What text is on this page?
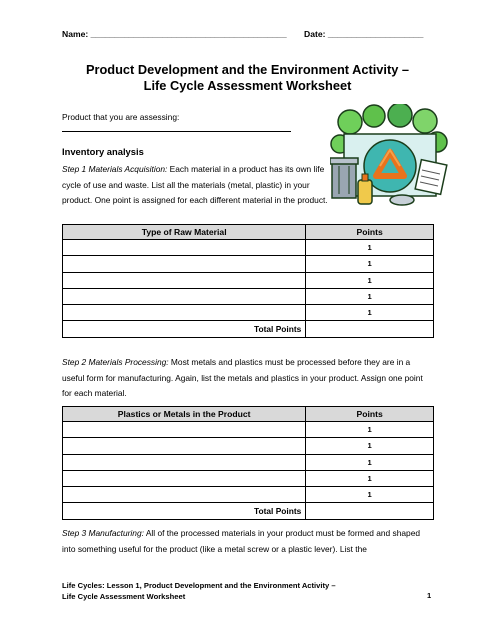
Name: _________________________________________ Date: ____________________
Product Development and the Environment Activity –
Life Cycle Assessment Worksheet
Product that you are assessing:
Inventory analysis
Step 1 Materials Acquisition: Each material in a product has its own life cycle of use and waste. List all the materials (metal, plastic) in your product. One point is assigned for each different material in the product.
Type of Raw Material	Points
	1
	1
	1
	1
	1
Total Points	
Step 2 Materials Processing: Most metals and plastics must be processed before they are in a useful form for manufacturing. Again, list the metals and plastics in your product. Assign one point for each material.
Plastics or Metals in the Product	Points
	1
	1
	1
	1
	1
Total Points	
Step 3 Manufacturing: All of the processed materials in your product must be formed and shaped into something useful for the product (like a metal screw or a plastic lever). List the
Life Cycles: Lesson 1, Product Development and the Environment Activity –
Life Cycle Assessment Worksheet	1
